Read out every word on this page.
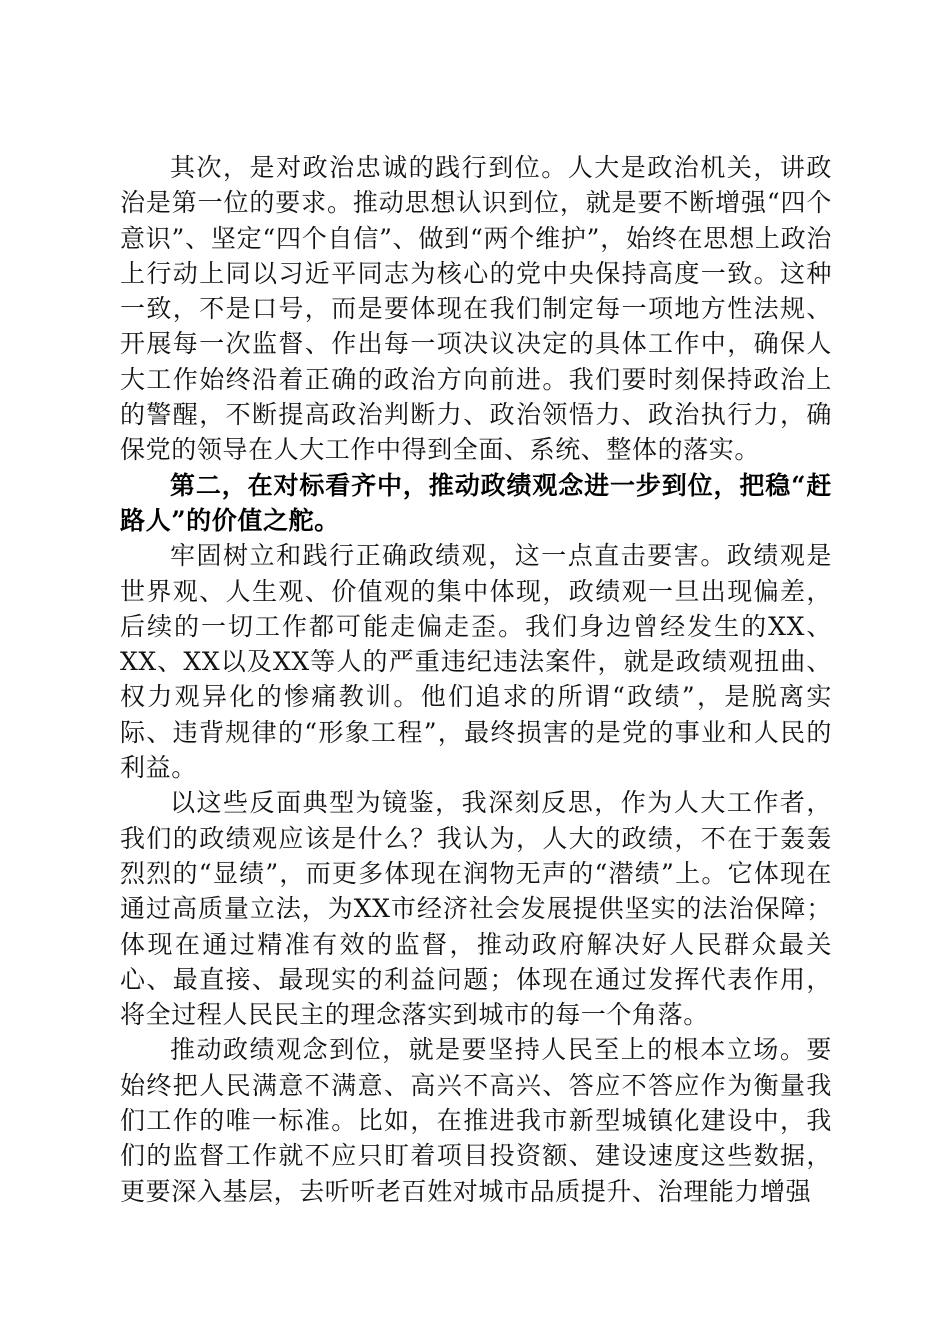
其次，是对政治忠诚的践行到位。人大是政治机关，讲政治是第一位的要求。推动思想认识到位，就是要不断增强“四个意识”、坚定“四个自信”、做到“两个维护”，始终在思想上政治上行动上同以习近平同志为核心的党中央保持高度一致。这种一致，不是口号，而是要体现在我们制定每一项地方性法规、开展每一次监督、作出每一项决议决定的具体工作中，确保人大工作始终沿着正确的政治方向前进。我们要时刻保持政治上的警醒，不断提高政治判断力、政治领悟力、政治执行力，确保党的领导在人大工作中得到全面、系统、整体的落实。

第二，在对标看齐中，推动政绩观念进一步到位，把稳“赶路人”的价值之舵。

牢固树立和践行正确政绩观，这一点直击要害。政绩观是世界观、人生观、价值观的集中体现，政绩观一旦出现偏差，后续的一切工作都可能走偏走歪。我们身边曾经发生的XX、XX、XX以及XX等人的严重违纪违法案件，就是政绩观扭曲、权力观异化的惨痛教训。他们追求的所谓“政绩”，是脱离实际、违背规律的“形象工程”，最终损害的是党的事业和人民的利益。

以这些反面典型为镜鉴，我深刻反思，作为人大工作者，我们的政绩观应该是什么？我认为，人大的政绩，不在于轰轰烈烈的“显绩”，而更多体现在润物无声的“潜绩”上。它体现在通过高质量立法，为XX市经济社会发展提供坚实的法治保障；体现在通过精准有效的监督，推动政府解决好人民群众最关心、最直接、最现实的利益问题；体现在通过发挥代表作用，将全过程人民民主的理念落实到城市的每一个角落。

推动政绩观念到位，就是要坚持人民至上的根本立场。要始终把人民满意不满意、高兴不高兴、答应不答应作为衡量我们工作的唯一标准。比如，在推进我市新型城镇化建设中，我们的监督工作就不应只盯着项目投资额、建设速度这些数据，更要深入基层，去听听老百姓对城市品质提升、治理能力增强
